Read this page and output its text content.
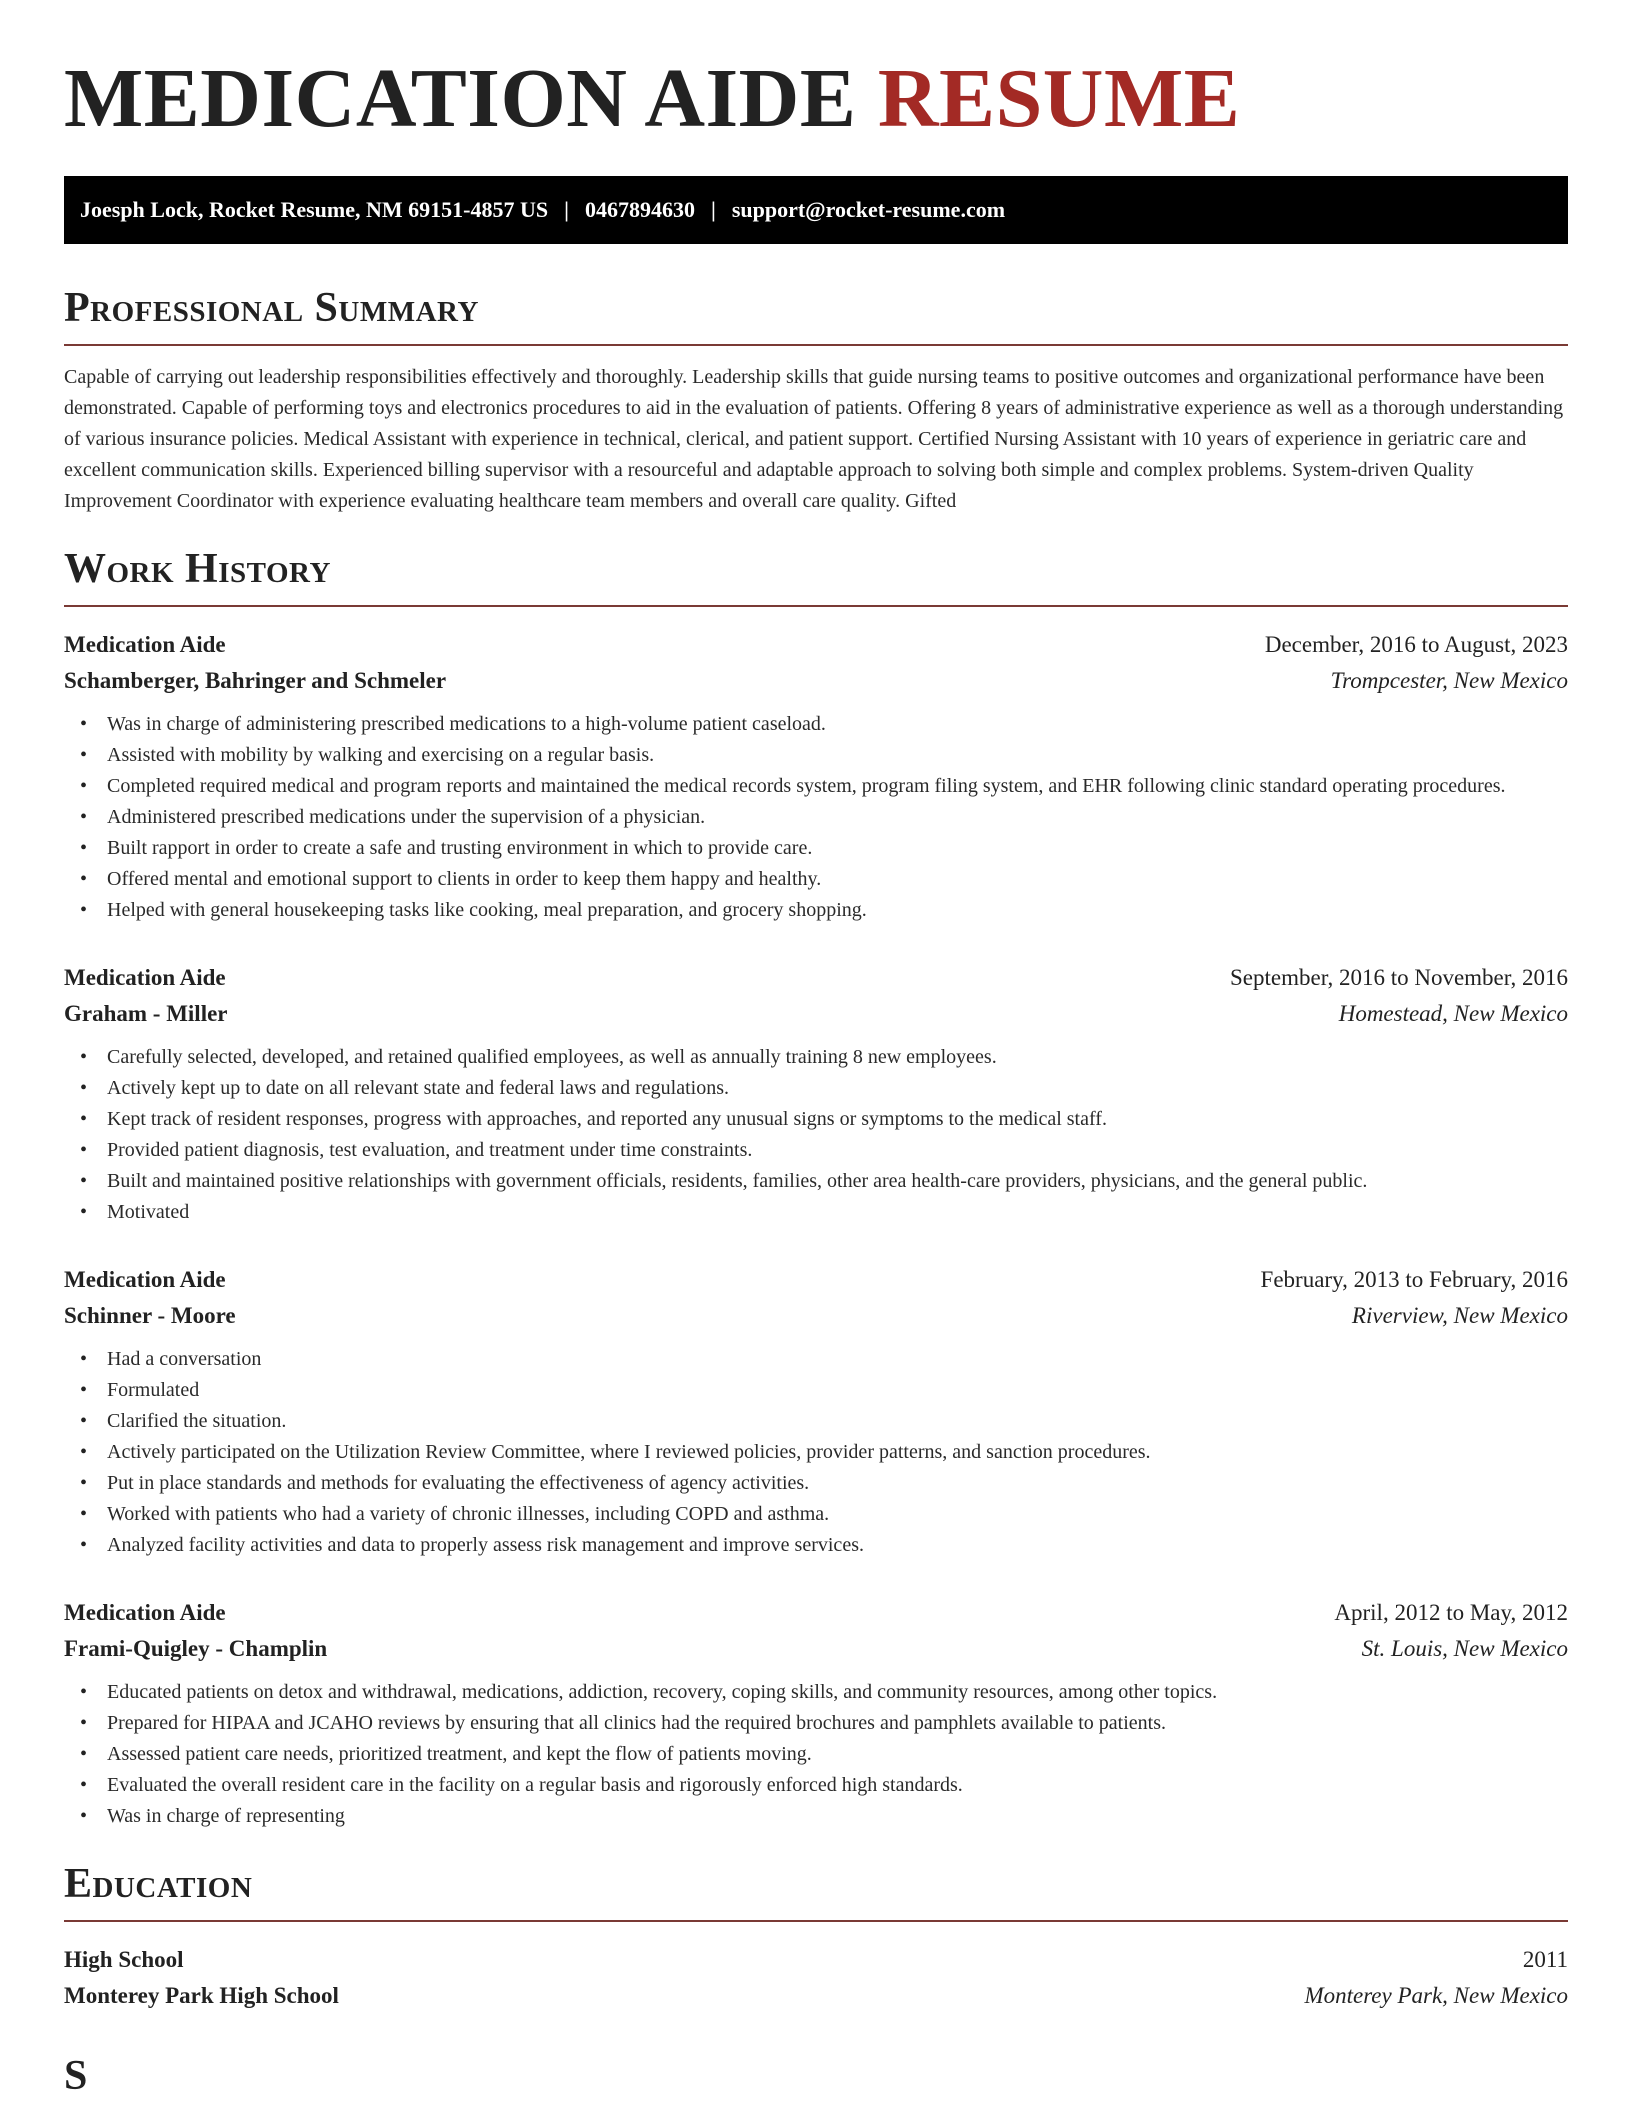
MEDICATION AIDE RESUME
Joesph Lock, Rocket Resume, NM 69151-4857 US | 0467894630 | support@rocket-resume.com
Professional Summary

Capable of carrying out leadership responsibilities effectively and thoroughly. Leadership skills that guide nursing teams to positive outcomes and organizational performance have been demonstrated. Capable of performing toys and electronics procedures to aid in the evaluation of patients. Offering 8 years of administrative experience as well as a thorough understanding of various insurance policies. Medical Assistant with experience in technical, clerical, and patient support. Certified Nursing Assistant with 10 years of experience in geriatric care and excellent communication skills. Experienced billing supervisor with a resourceful and adaptable approach to solving both simple and complex problems. System-driven Quality Improvement Coordinator with experience evaluating healthcare team members and overall care quality. Gifted

Work History
Medication Aide	December, 2016 to August, 2023
Schamberger, Bahringer and Schmeler	Trompcester, New Mexico
• Was in charge of administering prescribed medications to a high-volume patient caseload.
• Assisted with mobility by walking and exercising on a regular basis.
• Completed required medical and program reports and maintained the medical records system, program filing system, and EHR following clinic standard operating procedures.
• Administered prescribed medications under the supervision of a physician.
• Built rapport in order to create a safe and trusting environment in which to provide care.
• Offered mental and emotional support to clients in order to keep them happy and healthy.
• Helped with general housekeeping tasks like cooking, meal preparation, and grocery shopping.
Medication Aide	September, 2016 to November, 2016
Graham - Miller	Homestead, New Mexico
• Carefully selected, developed, and retained qualified employees, as well as annually training 8 new employees.
• Actively kept up to date on all relevant state and federal laws and regulations.
• Kept track of resident responses, progress with approaches, and reported any unusual signs or symptoms to the medical staff.
• Provided patient diagnosis, test evaluation, and treatment under time constraints.
• Built and maintained positive relationships with government officials, residents, families, other area health-care providers, physicians, and the general public.
• Motivated
Medication Aide	February, 2013 to February, 2016
Schinner - Moore	Riverview, New Mexico
• Had a conversation
• Formulated
• Clarified the situation.
• Actively participated on the Utilization Review Committee, where I reviewed policies, provider patterns, and sanction procedures.
• Put in place standards and methods for evaluating the effectiveness of agency activities.
• Worked with patients who had a variety of chronic illnesses, including COPD and asthma.
• Analyzed facility activities and data to properly assess risk management and improve services.
Medication Aide	April, 2012 to May, 2012
Frami-Quigley - Champlin	St. Louis, New Mexico
• Educated patients on detox and withdrawal, medications, addiction, recovery, coping skills, and community resources, among other topics.
• Prepared for HIPAA and JCAHO reviews by ensuring that all clinics had the required brochures and pamphlets available to patients.
• Assessed patient care needs, prioritized treatment, and kept the flow of patients moving.
• Evaluated the overall resident care in the facility on a regular basis and rigorously enforced high standards.
• Was in charge of representing
Education
High School	2011
Monterey Park High School	Monterey Park, New Mexico
S
